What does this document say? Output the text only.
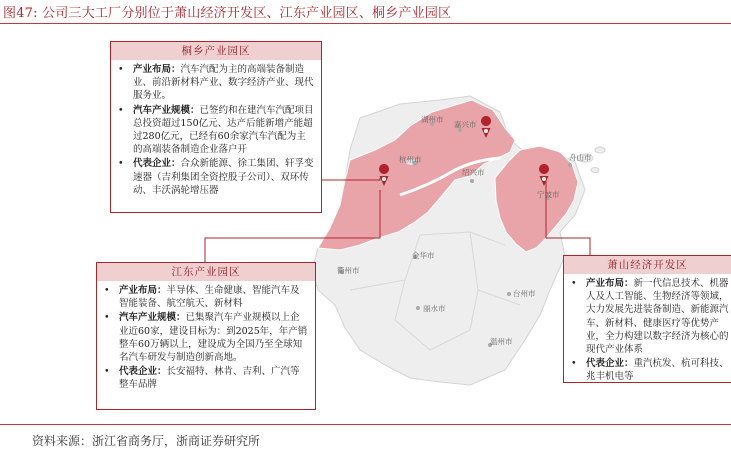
图47: 公司三大工厂分别位于萧山经济开发区、江东产业园区、桐乡产业园区
湖州市
嘉兴市
杭州市
绍兴市
舟山市
宁波市
金华市
衢州市
台州市
丽水市
温州市
桐乡产业园区
• 产业布局：汽车汽配为主的高端装备制造业、前沿新材料产业、数字经济产业、现代服务业。
• 汽车产业规模：已签约和在建汽车汽配项目总投资超过150亿元、达产后能新增产能超过280亿元，已经有60余家汽车汽配为主的高端装备制造企业落户开
• 代表企业：合众新能源、徐工集团、轩孚变速器（吉利集团全资控股子公司）、双环传动、丰沃涡轮增压器
江东产业园区
• 产业布局：半导体、生命健康、智能汽车及智能装备、航空航天、新材料
• 汽车产业规模：已集聚汽车产业规模以上企业近60家，建设目标为：到2025年，年产销整车60万辆以上，建设成为全国乃至全球知名汽车研发与制造创新高地。
• 代表企业：长安福特、林肯、吉利、广汽等整车品牌
萧山经济开发区
• 产业布局：新一代信息技术、机器人及人工智能、生物经济等领域，大力发展先进装备制造、新能源汽车、新材料、健康医疗等优势产业，全力构建以数字经济为核心的现代产业体系
• 代表企业：重汽杭发、杭可科技、兆丰机电等
资料来源：浙江省商务厅，浙商证券研究所
